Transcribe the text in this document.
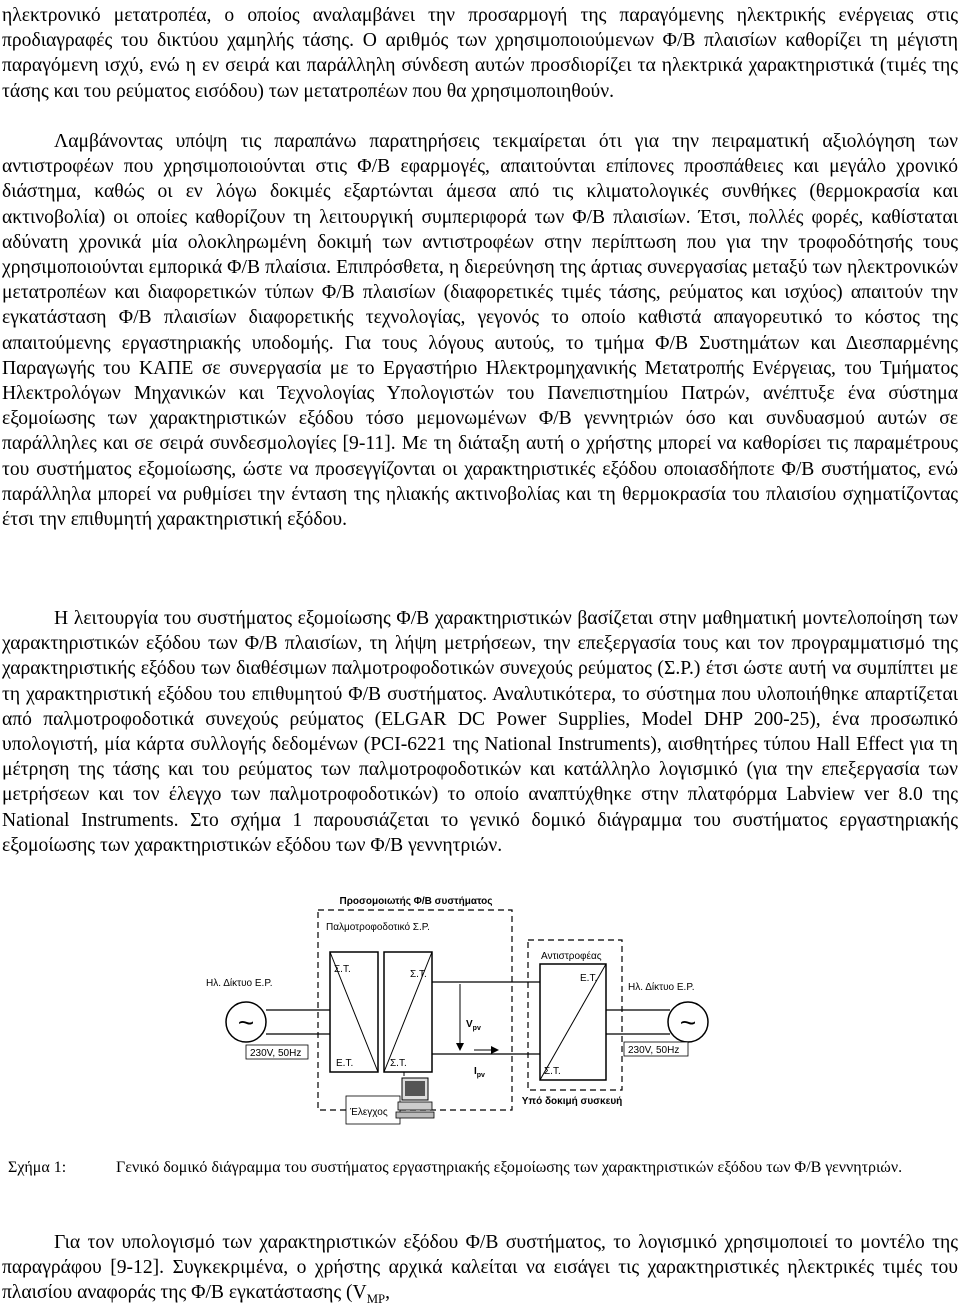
ηλεκτρονικό μετατροπέα, ο οποίος αναλαμβάνει την προσαρμογή της παραγόμενης ηλεκτρικής ενέργειας στις προδιαγραφές του δικτύου χαμηλής τάσης. Ο αριθμός των χρησιμοποιούμενων Φ/Β πλαισίων καθορίζει τη μέγιστη παραγόμενη ισχύ, ενώ η εν σειρά και παράλληλη σύνδεση αυτών προσδιορίζει τα ηλεκτρικά χαρακτηριστικά (τιμές της τάσης και του ρεύματος εισόδου) των μετατροπέων που θα χρησιμοποιηθούν.

Λαμβάνοντας υπόψη τις παραπάνω παρατηρήσεις τεκμαίρεται ότι για την πειραματική αξιολόγηση των αντιστροφέων που χρησιμοποιούνται στις Φ/Β εφαρμογές, απαιτούνται επίπονες προσπάθειες και μεγάλο χρονικό διάστημα, καθώς οι εν λόγω δοκιμές εξαρτώνται άμεσα από τις κλιματολογικές συνθήκες (θερμοκρασία και ακτινοβολία) οι οποίες καθορίζουν τη λειτουργική συμπεριφορά των Φ/Β πλαισίων. Έτσι, πολλές φορές, καθίσταται αδύνατη χρονικά μία ολοκληρωμένη δοκιμή των αντιστροφέων στην περίπτωση που για την τροφοδότησής τους χρησιμοποιούνται εμπορικά Φ/Β πλαίσια. Επιπρόσθετα, η διερεύνηση της άρτιας συνεργασίας μεταξύ των ηλεκτρονικών μετατροπέων και διαφορετικών τύπων Φ/Β πλαισίων (διαφορετικές τιμές τάσης, ρεύματος και ισχύος) απαιτούν την εγκατάσταση Φ/Β πλαισίων διαφορετικής τεχνολογίας, γεγονός το οποίο καθιστά απαγορευτικό το κόστος της απαιτούμενης εργαστηριακής υποδομής. Για τους λόγους αυτούς, το τμήμα Φ/Β Συστημάτων και Διεσπαρμένης Παραγωγής του ΚΑΠΕ σε συνεργασία με το Εργαστήριο Ηλεκτρομηχανικής Μετατροπής Ενέργειας, του Τμήματος Ηλεκτρολόγων Μηχανικών και Τεχνολογίας Υπολογιστών του Πανεπιστημίου Πατρών, ανέπτυξε ένα σύστημα εξομοίωσης των χαρακτηριστικών εξόδου τόσο μεμονωμένων Φ/Β γεννητριών όσο και συνδυασμού αυτών σε παράλληλες και σε σειρά συνδεσμολογίες [9-11]. Με τη διάταξη αυτή ο χρήστης μπορεί να καθορίσει τις παραμέτρους του συστήματος εξομοίωσης, ώστε να προσεγγίζονται οι χαρακτηριστικές εξόδου οποιασδήποτε Φ/Β συστήματος, ενώ παράλληλα μπορεί να ρυθμίσει την ένταση της ηλιακής ακτινοβολίας και τη θερμοκρασία του πλαισίου σχηματίζοντας έτσι την επιθυμητή χαρακτηριστική εξόδου.

Η λειτουργία του συστήματος εξομοίωσης Φ/Β χαρακτηριστικών βασίζεται στην μαθηματική μοντελοποίηση των χαρακτηριστικών εξόδου των Φ/Β πλαισίων, τη λήψη μετρήσεων, την επεξεργασία τους και τον προγραμματισμό της χαρακτηριστικής εξόδου των διαθέσιμων παλμοτροφοδοτικών συνεχούς ρεύματος (Σ.Ρ.) έτσι ώστε αυτή να συμπίπτει με τη χαρακτηριστική εξόδου του επιθυμητού Φ/Β συστήματος. Αναλυτικότερα, το σύστημα που υλοποιήθηκε απαρτίζεται από παλμοτροφοδοτικά συνεχούς ρεύματος (ELGAR DC Power Supplies, Model DHP 200-25), ένα προσωπικό υπολογιστή, μία κάρτα συλλογής δεδομένων (PCI-6221 της National Instruments), αισθητήρες τύπου Hall Effect για τη μέτρηση της τάσης και του ρεύματος των παλμοτροφοδοτικών και κατάλληλο λογισμικό (για την επεξεργασία των μετρήσεων και τον έλεγχο των παλμοτροφοδοτικών) το οποίο αναπτύχθηκε στην πλατφόρμα Labview ver 8.0 της National Instruments. Στο σχήμα 1 παρουσιάζεται το γενικό δομικό διάγραμμα του συστήματος εργαστηριακής εξομοίωσης των χαρακτηριστικών εξόδου των Φ/Β γεννητριών.

Προσομοιωτής Φ/Β συστήματος
Υπό δοκιμή συσκευή
Ηλ. Δίκτυο Ε.Ρ.
~
230V, 50Hz
Παλμοτροφοδοτικό Σ.Ρ.
Σ.Τ.
Ε.Τ.
Σ.Τ.
Σ.Τ.
$V_{pv}$
$I_{pv}$
Αντιστροφέας
Ε.Τ.
Σ.Τ.
Ηλ. Δίκτυο Ε.Ρ.
~
230V, 50Hz
Έλεγχος
Σχήμα 1:	Γενικό δομικό διάγραμμα του συστήματος εργαστηριακής εξομοίωσης των χαρακτηριστικών εξόδου των Φ/Β γεννητριών.

Για τον υπολογισμό των χαρακτηριστικών εξόδου Φ/Β συστήματος, το λογισμικό χρησιμοποιεί το μοντέλο της παραγράφου [9-12]. Συγκεκριμένα, ο χρήστης αρχικά καλείται να εισάγει τις χαρακτηριστικές ηλεκτρικές τιμές του πλαισίου αναφοράς της Φ/Β εγκατάστασης ($V_{MP}$,
